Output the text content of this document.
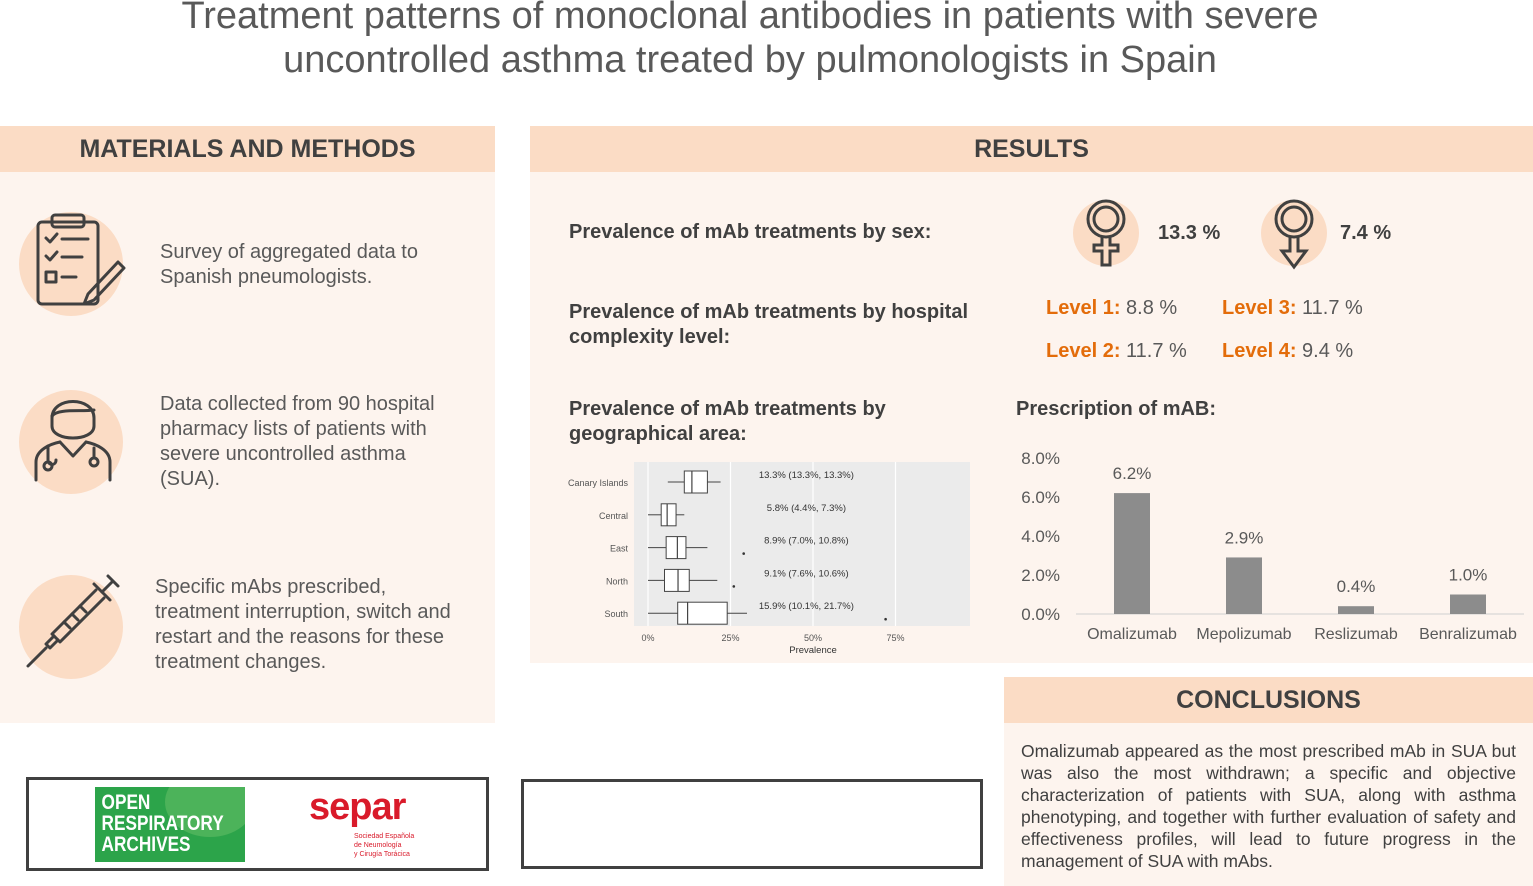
Treatment patterns of monoclonal antibodies in patients with severe
uncontrolled asthma treated by pulmonologists in Spain
MATERIALS AND METHODS
Survey of aggregated data to Spanish pneumologists.
Data collected from 90 hospital pharmacy lists of patients with severe uncontrolled asthma (SUA).
Specific mAbs prescribed, treatment interruption, switch and restart and the reasons for these treatment changes.
RESULTS
Prevalence of mAb treatments by sex:	13.3 %	7.4 %
Prevalence of mAb treatments by hospital complexity level:
Level 1: 8.8 % Level 3: 11.7 %
Level 2: 11.7 % Level 4: 9.4 %
Prevalence of mAb treatments by geographical area:
Prescription of mAB:
0%	25%	50%	75%
Prevalence
Canary Islands
13.3% (13.3%, 13.3%)
Central
5.8% (4.4%, 7.3%)
East
8.9% (7.0%, 10.8%)
North
9.1% (7.6%, 10.6%)
South
15.9% (10.1%, 21.7%)	0.0%
2.0%
4.0%
6.0%
8.0%
6.2%
Omalizumab
2.9%
Mepolizumab
0.4%
Reslizumab
1.0%
Benralizumab
CONCLUSIONS
Omalizumab appeared as the most prescribed mAb in SUA but was also the most withdrawn; a specific and objective characterization of patients with SUA, along with asthma phenotyping, and together with further evaluation of safety and effectiveness profiles, will lead to future progress in the management of SUA with mAbs.
OPEN
RESPIRATORY
ARCHIVES
separ
Sociedad Española
de Neumología
y Cirugía Torácica
